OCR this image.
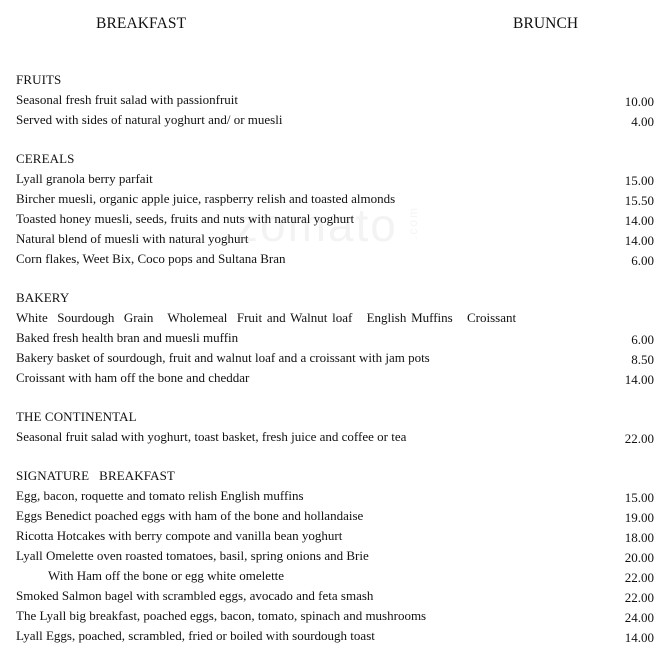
BREAKFAST	BRUNCH
FRUITS
Seasonal fresh fruit salad with passionfruit	10.00
Served with sides of natural yoghurt and/ or muesli	4.00
CEREALS
Lyall granola berry parfait	15.00
Bircher muesli, organic apple juice, raspberry relish and toasted almonds	15.50
Toasted honey muesli, seeds, fruits and nuts with natural yoghurt	14.00
Natural blend of muesli with natural yoghurt	14.00
Corn flakes, Weet Bix, Coco pops and Sultana Bran	6.00
BAKERY
White  Sourdough  Grain   Wholemeal  Fruit and Walnut loaf   English Muffins   Croissant
Baked fresh health bran and muesli muffin	6.00
Bakery basket of sourdough, fruit and walnut loaf and a croissant with jam pots	8.50
Croissant with ham off the bone and cheddar	14.00
THE CONTINENTAL
Seasonal fruit salad with yoghurt, toast basket, fresh juice and coffee or tea	22.00
SIGNATURE   BREAKFAST
Egg, bacon, roquette and tomato relish English muffins	15.00
Eggs Benedict poached eggs with ham of the bone and hollandaise	19.00
Ricotta Hotcakes with berry compote and vanilla bean yoghurt	18.00
Lyall Omelette oven roasted tomatoes, basil, spring onions and Brie	20.00
With Ham off the bone or egg white omelette	22.00
Smoked Salmon bagel with scrambled eggs, avocado and feta smash	22.00
The Lyall big breakfast, poached eggs, bacon, tomato, spinach and mushrooms	24.00
Lyall Eggs, poached, scrambled, fried or boiled with sourdough toast	14.00
